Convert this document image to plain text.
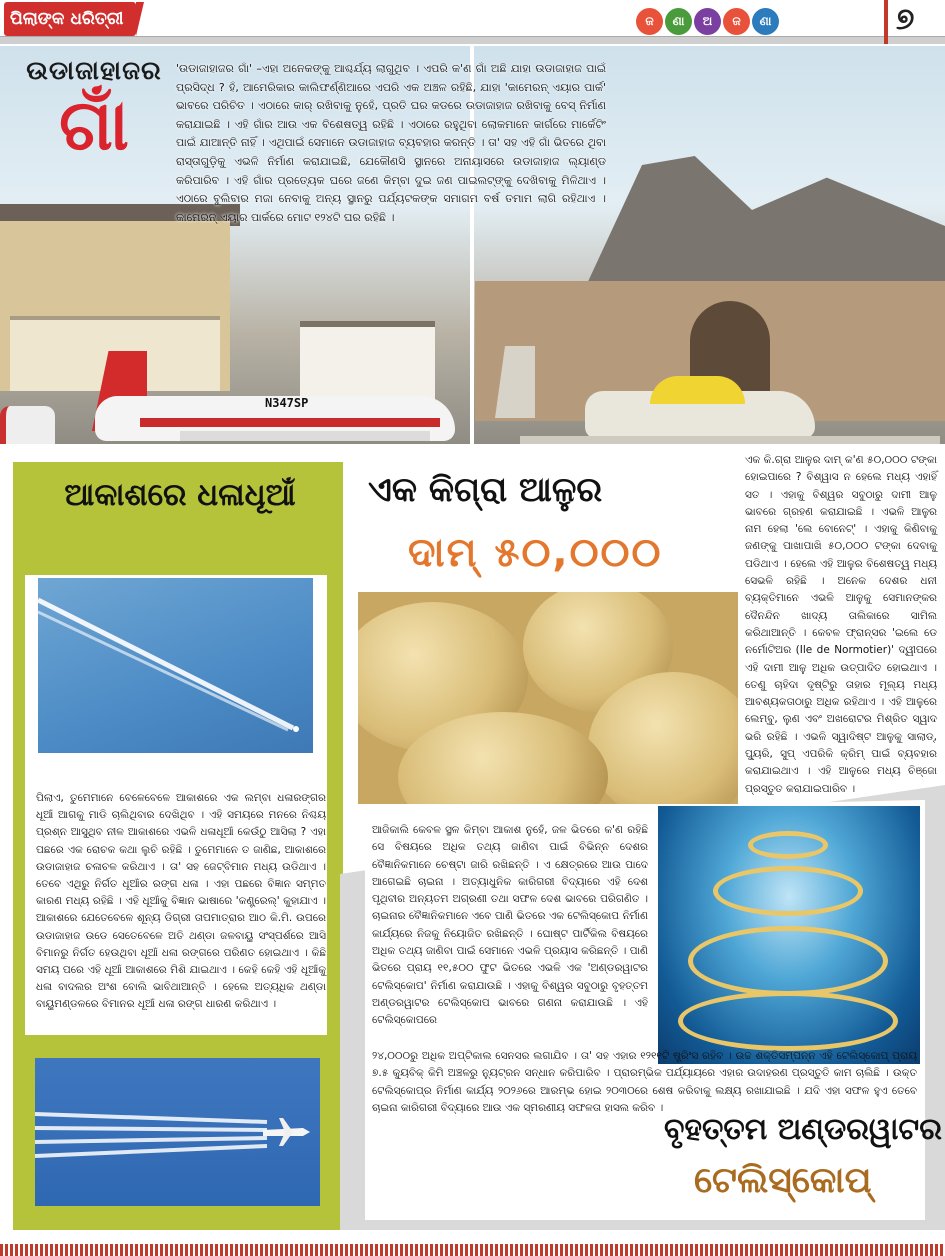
ପିଲାଙ୍କ ଧରିତ୍ରୀ	ଜ	ଣା	ଅ	ଜ	ଣା	୭
N347SP
ଉଡାଜାହାଜର
ଗାଁ
'ଉଡାଜାହାଜର ଗାଁ' –ଏହା ଅନେକଙ୍କୁ ଆଶ୍ଚର୍ଯ୍ୟ ଲାଗୁଥିବ । ଏପରି କ'ଣ ଗାଁ ଅଛି ଯାହା ଉଡାଜାହାଜ ପାଇଁ ପ୍ରସିଦ୍ଧ ? ହଁ, ଆମେରିକାର କାଲିଫର୍ଣ୍ଣିଆରେ ଏପରି ଏକ ଅଞ୍ଚଳ ରହିଛି, ଯାହା 'କାମେରନ୍ ଏୟାର ପାର୍କ' ଭାବରେ ପରିଚିତ । ଏଠାରେ କାର୍ ରଖିବାକୁ ନୁହେଁ, ପ୍ରତି ଘର କଡରେ ଉଡାଜାହାଜ ରଖିବାକୁ ବେସ୍ ନିର୍ମାଣ କରାଯାଇଛି । ଏହି ଗାଁର ଆଉ ଏକ ବିଶେଷତ୍ୱ ରହିଛି । ଏଠାରେ ରହୁଥିବା ଲୋକମାନେ କାର୍ଗରେ ମାର୍କେଟିଂ ପାଇଁ ଯାଆନ୍ତି ନାହିଁ । ଏଥିପାଇଁ ସେମାନେ ଉଡାଜାହାଜ ବ୍ୟବହାର କରନ୍ତି । ତା' ସହ ଏହି ଗାଁ ଭିତରେ ଥିବା ରାସ୍ତାଗୁଡ଼ିକୁ ଏଭଳି ନିର୍ମାଣ କରାଯାଇଛି, ଯେକୌଣସି ସ୍ଥାନରେ ଅନାୟାସରେ ଉଡାଜାହାଜ ଲ୍ୟାଣ୍ଡ କରିପାରିବ । ଏହି ଗାଁର ପ୍ରତ୍ୟେକ ଘରେ ଜଣେ କିମ୍ବା ଦୁଇ ଜଣ ପାଇଲଟ୍‌ଙ୍କୁ ଦେଖିବାକୁ ମିଳିଥାଏ । ଏଠାରେ ବୁଲିବାର ମଜା ନେବାକୁ ଅନ୍ୟ ସ୍ଥାନରୁ ପର୍ଯ୍ୟଟକଙ୍କ ସମାଗମ ବର୍ଷ ତମାମ ଲାଗି ରହିଥାଏ । କାମେରନ୍ ଏୟାର ପାର୍କରେ ମୋଟ ୧୨୪ଟି ଘର ରହିଛି ।
ଆକାଶରେ ଧଳାଧୂଆଁ
ପିଲାଏ, ତୁମେମାନେ ବେଳେବେଳେ ଆକାଶରେ ଏକ ଲମ୍ବା ଧଳାରଙ୍ଗର ଧୂଆଁ ଆଗକୁ ମାଡି ଚାଲିଥିବାର ଦେଖିଥିବ । ଏହି ସମୟରେ ମନରେ ନିଶ୍ଚୟ ପ୍ରଶ୍ନ ଆସୁଥିବ ନୀଳ ଆକାଶରେ ଏଭଳି ଧଳାଧୂଆଁ କେଉଁଠୁ ଆସିଲା ? ଏହା ପଛରେ ଏକ ରୋଚକ କଥା ଲୁଚି ରହିଛି । ତୁମେମାନେ ତ ଜାଣିଛ, ଆକାଶରେ ଉଡାଜାହାଜ ଚଳାଚଳ କରିଥାଏ । ତା' ସହ ଜେଟ୍‌ବିମାନ ମଧ୍ୟ ଉଡିଥାଏ । ତେବେ ଏଥିରୁ ନିର୍ଗତ ଧୂଆଁର ରଙ୍ଗ ଧଳା । ଏହା ପଛରେ ବିଜ୍ଞାନ ସମ୍ମତ କାରଣ ମଧ୍ୟ ରହିଛି । ଏହି ଧୂଆଁକୁ ବିଜ୍ଞାନ ଭାଷାରେ 'କଣ୍ଟ୍ରେଲ୍' କୁହାଯାଏ । ଆକାଶରେ ଯେତେବେଳେ ଶୂନ୍ୟ ଡିଗ୍ରୀ ତାପମାତ୍ରାର ଆଠ କି.ମି. ଉପରେ ଉଡାଜାହାଜ ଉଡେ ସେତେବେଳେ ଅତି ଥଣ୍ଡା ଜଳବାୟୁ ସଂସ୍ପର୍ଶରେ ଆସି ବିମାନରୁ ନିର୍ଗତ ହେଉଥିବା ଧୂଆଁ ଧଳା ରଙ୍ଗରେ ପରିଣତ ହୋଇଥାଏ । କିଛି ସମୟ ପରେ ଏହି ଧୂଆଁ ଆକାଶରେ ମିଶି ଯାଇଥାଏ । କେହି କେହି ଏହି ଧୂଆଁକୁ ଧଳା ବାଦଲର ଅଂଶ ବୋଲି ଭାବିଥାଆନ୍ତି । ହେଲେ ଅତ୍ୟଧିକ ଥଣ୍ଡା ବାୟୁମଣ୍ଡଳରେ ବିମାନର ଧୂଆଁ ଧଳା ରଙ୍ଗ ଧାରଣ କରିଥାଏ ।
ଏକ କିଗ୍ରା ଆଳୁର
ଦାମ୍ ୫୦,୦୦୦
ଏକ କି.ଗ୍ରା ଆଳୁର ଦାମ୍ କ'ଣ ୫୦,୦୦୦ ଟଙ୍କା ହୋଇପାରେ ? ବିଶ୍ୱାସ ନ ହେଲେ ମଧ୍ୟ ଏହାହିଁ ସତ । ଏହାକୁ ବିଶ୍ୱର ସବୁଠାରୁ ଦାମୀ ଆଳୁ ଭାବରେ ଗ୍ରହଣ କରାଯାଇଛି । ଏଭଳି ଆଳୁର ନାମ ହେଲା 'ଲେ ବୋନେଟ୍' । ଏହାକୁ କିଣିବାକୁ ଜଣଙ୍କୁ ପାଖାପାଖି ୫୦,୦୦୦ ଟଙ୍କା ଦେବାକୁ ପଡିଥାଏ । ହେଲେ ଏହି ଆଳୁର ବିଶେଷତ୍ୱ ମଧ୍ୟ ସେଭଳି ରହିଛି । ଅନେକ ଦେଶର ଧନୀ ବ୍ୟକ୍ତିମାନେ ଏଭଳି ଆଳୁକୁ ସେମାନଙ୍କର ଦୈନନ୍ଦିନ ଖାଦ୍ୟ ତାଲିକାରେ ସାମିଲ କରିଥାଆନ୍ତି । କେବଳ ଫ୍ରାନ୍ସର 'ଇଲେ ଡେ ନର୍ମୋଟିଅର (Ile de Normotier)' ଦ୍ୱୀପରେ ଏହି ଦାମୀ ଆଳୁ ଅଧିକ ଉତ୍ପାଦିତ ହୋଇଥାଏ । ତେଣୁ ଚାହିଦା ଦୃଷ୍ଟିରୁ ତାହାର ମୂଲ୍ୟ ମଧ୍ୟ ଆବଶ୍ୟକତାଠାରୁ ଅଧିକ ରହିଥାଏ । ଏହି ଆଳୁରେ ଲେମ୍ବୁ, ଲୁଣ ଏବଂ ଅଖରୋଟର ମିଶ୍ରିତ ସ୍ୱାଦ ଭରି ରହିଛି । ଏଭଳି ସ୍ୱାଦିଷ୍ଟ ଆଳୁକୁ ସାଲାଡ୍, ପ୍ୟୁରି, ସୁପ୍ ଏପରିକି କ୍ରିମ୍ ପାଇଁ ବ୍ୟବହାର କରାଯାଇଥାଏ । ଏହି ଆଳୁରେ ମଧ୍ୟ ଚିଞ୍ଜୋ ପ୍ରସ୍ତୁତ କରାଯାଇପାରିବ ।
ଆଜିକାଲି କେବଳ ସ୍ଥଳ କିମ୍ବା ଆକାଶ ନୁହେଁ, ଜଳ ଭିତରେ କ'ଣ ରହିଛି ସେ ବିଷୟରେ ଅଧିକ ତଥ୍ୟ ଜାଣିବା ପାଇଁ ବିଭିନ୍ନ ଦେଶର ବୈଜ୍ଞାନିକମାନେ ଚେଷ୍ଟା ଜାରି ରଖିଛନ୍ତି । ଏ କ୍ଷେତ୍ରରେ ଆଉ ପାଦେ ଆଗେଇଛି ଚାଇନା । ଅତ୍ୟାଧୁନିକ କାରିଗରୀ ବିଦ୍ୟାରେ ଏହି ଦେଶ ପୃଥିବୀର ଅନ୍ୟତମ ଅଗ୍ରଣୀ ତଥା ସଫଳ ଦେଶ ଭାବରେ ପରିଗଣିତ । ଚାଇନାର ବୈଜ୍ଞାନିକମାନେ ଏବେ ପାଣି ଭିତରେ ଏକ ଟେଲିସ୍କୋପ ନିର୍ମାଣ କାର୍ଯ୍ୟରେ ନିଜକୁ ନିୟୋଜିତ ରଖିଛନ୍ତି । ଘୋଷ୍ଟ ପାର୍ଟିକିଲ ବିଷୟରେ ଅଧିକ ତଥ୍ୟ ଜାଣିବା ପାଇଁ ସେମାନେ ଏଭଳି ପ୍ରୟାସ କରିଛନ୍ତି । ପାଣି ଭିତରେ ପ୍ରାୟ ୧୧,୫୦୦ ଫୁଟ ଭିତରେ ଏଭଳି ଏକ 'ଅଣ୍ଡରୱାଟର ଟେଲିସ୍କୋପ' ନିର୍ମାଣ କରାଯାଉଛି । ଏହାକୁ ବିଶ୍ୱର ସବୁଠାରୁ ବୃହତ୍ତମ ଅଣ୍ଡରୱାଟର ଟେଲିସ୍କୋପ ଭାବରେ ଗଣନା କରାଯାଉଛି । ଏହି ଟେଲିସ୍କୋପରେ
୨୪,୦୦୦ରୁ ଅଧିକ ଅପ୍ଟିକାଲ ସେନସର ଲଗାଯିବ । ତା' ସହ ଏହାର ୧୨୧୧ଟି ଷ୍ଟ୍ରିଂସ ରହିବ । ଉଚ୍ଚ ଶକ୍ତିସମ୍ପନ୍ନ ଏହି ଟେଲିସ୍କୋପ୍ ପ୍ରାୟ ୭.୫ କ୍ୟୁବିକ୍ କିମି ଅଞ୍ଚଳରୁ ନ୍ୟୁଟ୍ରନ ସନ୍ଧାନ କରିପାରିବ । ପ୍ରାରମ୍ଭିକ ପର୍ଯ୍ୟାୟରେ ଏହାର ଉଦାହରଣ ପ୍ରସ୍ତୁତି କାମ ଚାଲିଛି । ଉକ୍ତ ଟେଲିସ୍କୋପ୍‌ର ନିର୍ମାଣ କାର୍ଯ୍ୟ ୨୦୨୬ରେ ଆରମ୍ଭ ହୋଇ ୨୦୩୦ରେ ଶେଷ କରିବାକୁ ଲକ୍ଷ୍ୟ ରଖାଯାଇଛି । ଯଦି ଏହା ସଫଳ ହୁଏ ତେବେ ଚାଇନା କାରିଗରୀ ବିଦ୍ୟାରେ ଆଉ ଏକ ସ୍ମରଣୀୟ ସଫଳତା ହାସଲ କରିବ ।
ବୃହତ୍ତମ ଅଣ୍ଡରୱାଟର
ଟେଲିସ୍କୋପ୍
